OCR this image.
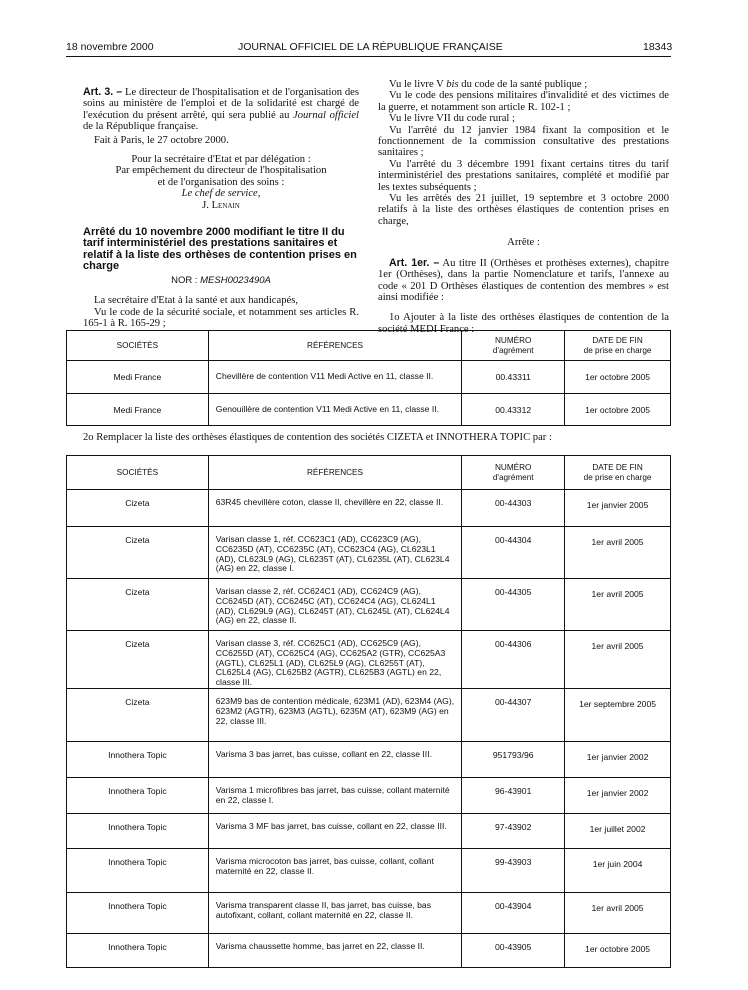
18 novembre 2000	JOURNAL OFFICIEL DE LA RÉPUBLIQUE FRANÇAISE	18343

Art. 3. – Le directeur de l'hospitalisation et de l'organisation des soins au ministère de l'emploi et de la solidarité est chargé de l'exécution du présent arrêté, qui sera publié au Journal officiel de la République française.

Fait à Paris, le 27 octobre 2000.

Pour la secrétaire d'Etat et par délégation :

Par empêchement du directeur de l'hospitalisation

et de l'organisation des soins :

Le chef de service,

J. Lenain

Arrêté du 10 novembre 2000 modifiant le titre II du tarif interministériel des prestations sanitaires et relatif à la liste des orthèses de contention prises en charge
NOR : MESH0023490A

La secrétaire d'Etat à la santé et aux handicapés,

Vu le code de la sécurité sociale, et notamment ses articles R. 165-1 à R. 165-29 ;

Vu le livre V bis du code de la santé publique ;

Vu le code des pensions militaires d'invalidité et des victimes de la guerre, et notamment son article R. 102-1 ;

Vu le livre VII du code rural ;

Vu l'arrêté du 12 janvier 1984 fixant la composition et le fonctionnement de la commission consultative des prestations sanitaires ;

Vu l'arrêté du 3 décembre 1991 fixant certains titres du tarif interministériel des prestations sanitaires, complété et modifié par les textes subséquents ;

Vu les arrêtés des 21 juillet, 19 septembre et 3 octobre 2000 relatifs à la liste des orthèses élastiques de contention prises en charge,

Arrête :

Art. 1er. – Au titre II (Orthèses et prothèses externes), chapitre 1er (Orthèses), dans la partie Nomenclature et tarifs, l'annexe au code « 201 D Orthèses élastiques de contention des membres » est ainsi modifiée :

1o Ajouter à la liste des orthèses élastiques de contention de la société MEDI France :

SOCIÉTÉS	RÉFÉRENCES	NUMÉRO
d'agrément	DATE DE FIN
de prise en charge
Medi France	Chevillère de contention V11 Medi Active en 11, classe II.	00.43311	1er octobre 2005
Medi France	Genouillère de contention V11 Medi Active en 11, classe II.	00.43312	1er octobre 2005
2o Remplacer la liste des orthèses élastiques de contention des sociétés CIZETA et INNOTHERA TOPIC par :
SOCIÉTÉS	RÉFÉRENCES	NUMÉRO
d'agrément	DATE DE FIN
de prise en charge
Cizeta	63R45 chevillère coton, classe II, chevillère en 22, classe II.	00-44303	1er janvier 2005
Cizeta	Varisan classe 1, réf. CC623C1 (AD), CC623C9 (AG), CC6235D (AT), CC6235C (AT), CC623C4 (AG), CL623L1 (AD), CL623L9 (AG), CL6235T (AT), CL6235L (AT), CL623L4 (AG) en 22, classe I.	00-44304	1er avril 2005
Cizeta	Varisan classe 2, réf. CC624C1 (AD), CC624C9 (AG), CC6245D (AT), CC6245C (AT), CC624C4 (AG), CL624L1 (AD), CL629L9 (AG), CL6245T (AT), CL6245L (AT), CL624L4 (AG) en 22, classe II.	00-44305	1er avril 2005
Cizeta	Varisan classe 3, réf. CC625C1 (AD), CC625C9 (AG), CC6255D (AT), CC625C4 (AG), CC625A2 (GTR), CC625A3 (AGTL), CL625L1 (AD), CL625L9 (AG), CL6255T (AT), CL625L4 (AG), CL625B2 (AGTR), CL625B3 (AGTL) en 22, classe III.	00-44306	1er avril 2005
Cizeta	623M9 bas de contention médicale, 623M1 (AD), 623M4 (AG), 623M2 (AGTR), 623M3 (AGTL), 6235M (AT), 623M9 (AG) en 22, classe III.	00-44307	1er septembre 2005
Innothera Topic	Varisma 3 bas jarret, bas cuisse, collant en 22, classe III.	951793/96	1er janvier 2002
Innothera Topic	Varisma 1 microfibres bas jarret, bas cuisse, collant maternité en 22, classe I.	96-43901	1er janvier 2002
Innothera Topic	Varisma 3 MF bas jarret, bas cuisse, collant en 22, classe III.	97-43902	1er juillet 2002
Innothera Topic	Varisma microcoton bas jarret, bas cuisse, collant, collant maternité en 22, classe II.	99-43903	1er juin 2004
Innothera Topic	Varisma transparent classe II, bas jarret, bas cuisse, bas autofixant, collant, collant maternité en 22, classe II.	00-43904	1er avril 2005
Innothera Topic	Varisma chaussette homme, bas jarret en 22, classe II.	00-43905	1er octobre 2005
